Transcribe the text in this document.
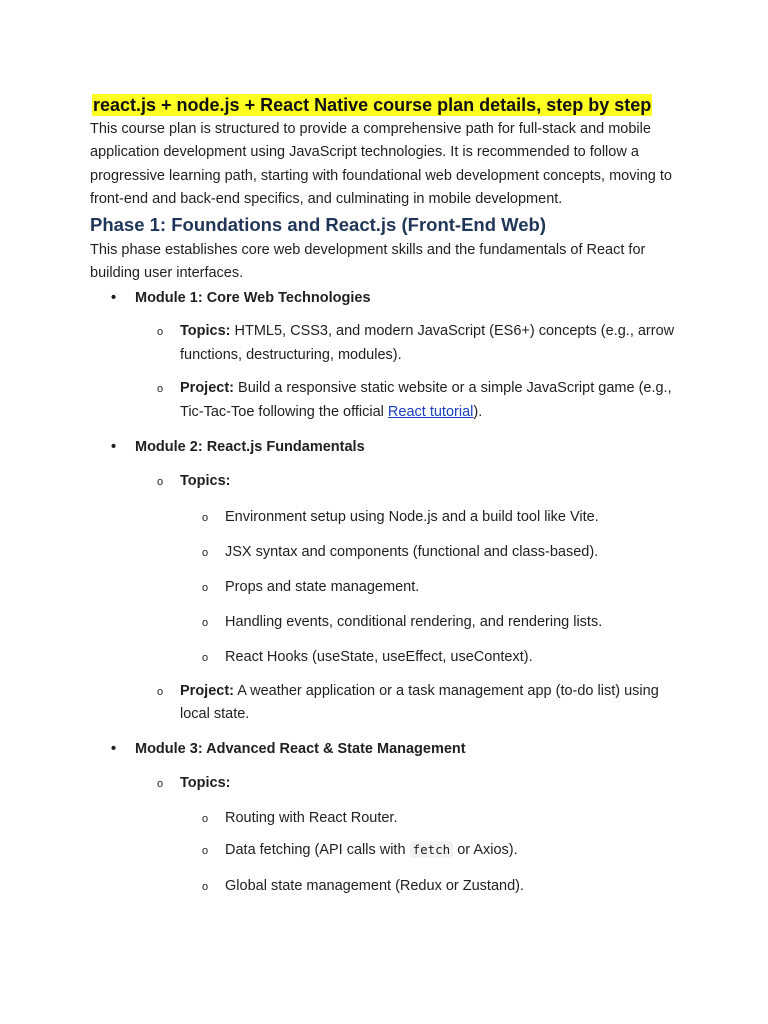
react.js + node.js + React Native course plan details, step by step

This course plan is structured to provide a comprehensive path for full-stack and mobile application development using JavaScript technologies. It is recommended to follow a progressive learning path, starting with foundational web development concepts, moving to front-end and back-end specifics, and culminating in mobile development.

Phase 1: Foundations and React.js (Front-End Web)

This phase establishes core web development skills and the fundamentals of React for building user interfaces.

• Module 1: Core Web Technologies
o Topics: HTML5, CSS3, and modern JavaScript (ES6+) concepts (e.g., arrow functions, destructuring, modules).
o Project: Build a responsive static website or a simple JavaScript game (e.g., Tic-Tac-Toe following the official React tutorial).
• Module 2: React.js Fundamentals
o Topics:
o Environment setup using Node.js and a build tool like Vite.
o JSX syntax and components (functional and class-based).
o Props and state management.
o Handling events, conditional rendering, and rendering lists.
o React Hooks (useState, useEffect, useContext).
o Project: A weather application or a task management app (to-do list) using local state.
• Module 3: Advanced React & State Management
o Topics:
o Routing with React Router.
o Data fetching (API calls with fetch or Axios).
o Global state management (Redux or Zustand).
